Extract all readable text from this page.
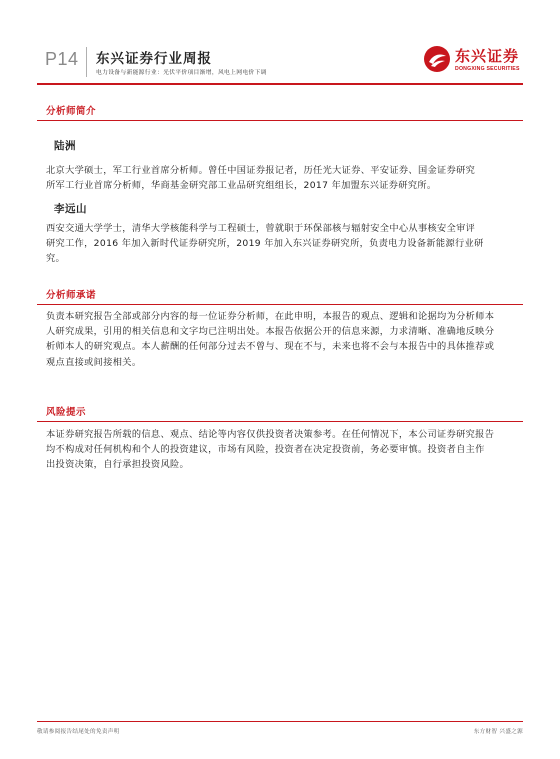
P14 东兴证券行业周报
电力设备与新能源行业：光伏平价项目渐增，风电上网电价下调
东兴证券
DONGXING SECURITIES
分析师简介
陆洲
北京大学硕士，军工行业首席分析师。曾任中国证券报记者，历任光大证券、平安证券、国金证券研究
所军工行业首席分析师，华商基金研究部工业品研究组组长，2017 年加盟东兴证券研究所。
李远山
西安交通大学学士，清华大学核能科学与工程硕士，曾就职于环保部核与辐射安全中心从事核安全审评
研究工作，2016 年加入新时代证券研究所，2019 年加入东兴证券研究所，负责电力设备新能源行业研
究。
分析师承诺
负责本研究报告全部或部分内容的每一位证券分析师，在此申明，本报告的观点、逻辑和论据均为分析师本
人研究成果，引用的相关信息和文字均已注明出处。本报告依据公开的信息来源，力求清晰、准确地反映分
析师本人的研究观点。本人薪酬的任何部分过去不曾与、现在不与，未来也将不会与本报告中的具体推荐或
观点直接或间接相关。
风险提示
本证券研究报告所载的信息、观点、结论等内容仅供投资者决策参考。在任何情况下，本公司证券研究报告
均不构成对任何机构和个人的投资建议，市场有风险，投资者在决定投资前，务必要审慎。投资者自主作
出投资决策，自行承担投资风险。
敬请参阅报告结尾处的免责声明	东方财智 兴盛之源
